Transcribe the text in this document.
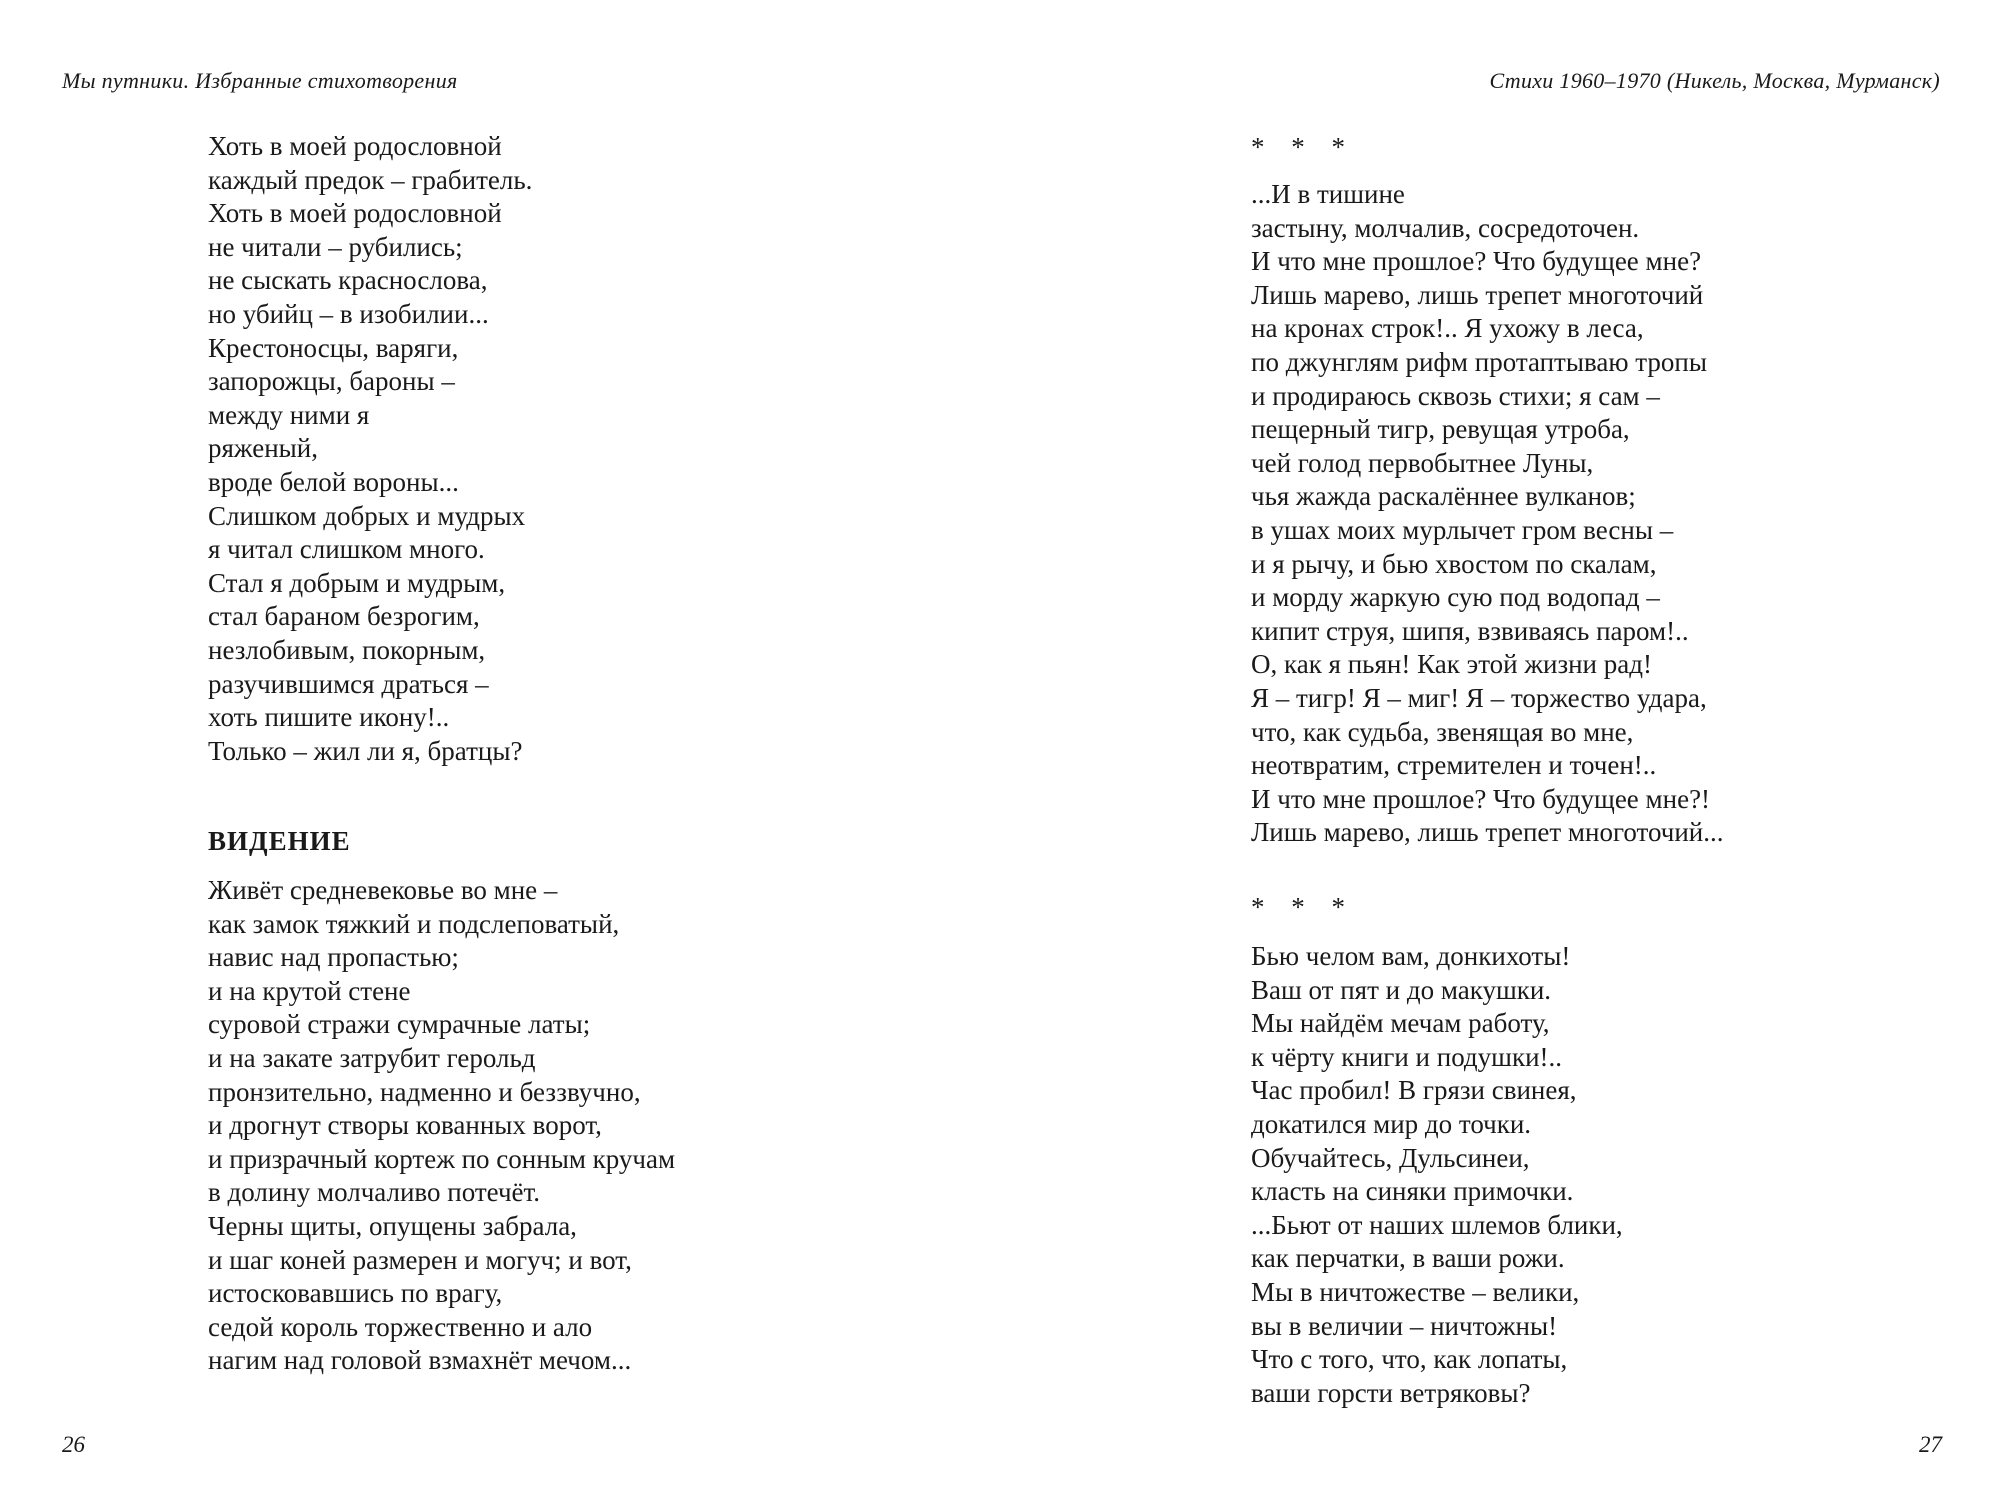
Мы путники. Избранные стихотворения

Хоть в моей родословной

каждый предок – грабитель.

Хоть в моей родословной

не читали – рубились;

не сыскать краснослова,

но убийц – в изобилии...

Крестоносцы, варяги,

запорожцы, бароны –

между ними я

ряженый,

вроде белой вороны...

Слишком добрых и мудрых

я читал слишком много.

Стал я добрым и мудрым,

стал бараном безрогим,

незлобивым, покорным,

разучившимся драться –

хоть пишите икону!..

Только – жил ли я, братцы?

ВИДЕНИЕ

Живёт средневековье во мне –

как замок тяжкий и подслеповатый,

навис над пропастью;

и на крутой стене

суровой стражи сумрачные латы;

и на закате затрубит герольд

пронзительно, надменно и беззвучно,

и дрогнут створы кованных ворот,

и призрачный кортеж по сонным кручам

в долину молчаливо потечёт.

Черны щиты, опущены забрала,

и шаг коней размерен и могуч; и вот,

истосковавшись по врагу,

седой король торжественно и ало

нагим над головой взмахнёт мечом...

26
Стихи 1960–1970 (Никель, Москва, Мурманск)

* * *

...И в тишине

застыну, молчалив, сосредоточен.

И что мне прошлое? Что будущее мне?

Лишь марево, лишь трепет многоточий

на кронах строк!.. Я ухожу в леса,

по джунглям рифм протаптываю тропы

и продираюсь сквозь стихи; я сам –

пещерный тигр, ревущая утроба,

чей голод первобытнее Луны,

чья жажда раскалённее вулканов;

в ушах моих мурлычет гром весны –

и я рычу, и бью хвостом по скалам,

и морду жаркую сую под водопад –

кипит струя, шипя, взвиваясь паром!..

О, как я пьян! Как этой жизни рад!

Я – тигр! Я – миг! Я – торжество удара,

что, как судьба, звенящая во мне,

неотвратим, стремителен и точен!..

И что мне прошлое? Что будущее мне?!

Лишь марево, лишь трепет многоточий...

* * *

Бью челом вам, донкихоты!

Ваш от пят и до макушки.

Мы найдём мечам работу,

к чёрту книги и подушки!..

Час пробил! В грязи свинея,

докатился мир до точки.

Обучайтесь, Дульсинеи,

класть на синяки примочки.

...Бьют от наших шлемов блики,

как перчатки, в ваши рожи.

Мы в ничтожестве – велики,

вы в величии – ничтожны!

Что с того, что, как лопаты,

ваши горсти ветряковы?

27
